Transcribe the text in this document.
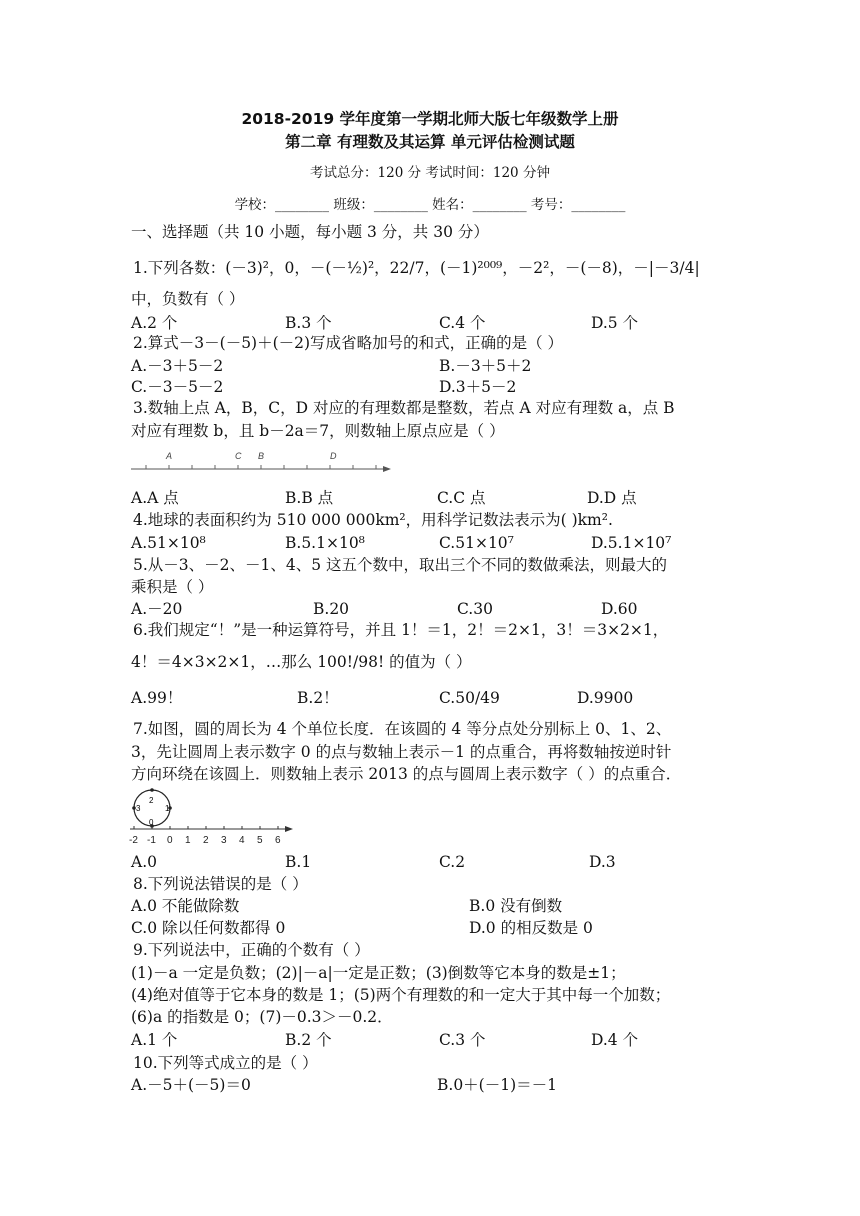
2018-2019 学年度第一学期北师大版七年级数学上册
第二章 有理数及其运算 单元评估检测试题
考试总分：120 分 考试时间：120 分钟
学校：________ 班级：________ 姓名：________ 考号：________
一、选择题（共 10 小题，每小题 3 分，共 30 分）
1.下列各数：(－3)²，0，－(－½)²，22/7，(－1)²⁰⁰⁹，－2²，－(－8)，－|－3/4|
中，负数有（ ）
A.2 个	B.3 个	C.4 个	D.5 个
2.算式－3－(－5)＋(－2)写成省略加号的和式，正确的是（ ）
A.－3＋5－2	B.－3＋5＋2
C.－3－5－2	D.3＋5－2
3.数轴上点 A，B，C，D 对应的有理数都是整数，若点 A 对应有理数 a，点 B
对应有理数 b，且 b－2a＝7，则数轴上原点应是（ ）
A	C B	D
A.A 点	B.B 点	C.C 点	D.D 点
4.地球的表面积约为 510 000 000km²，用科学记数法表示为( )km².
A.51×10⁸	B.5.1×10⁸	C.51×10⁷	D.5.1×10⁷
5.从－3、－2、－1、4、5 这五个数中，取出三个不同的数做乘法，则最大的
乘积是（ ）
A.－20	B.20	C.30	D.60
6.我们规定“！”是一种运算符号，并且 1！＝1，2！＝2×1，3！＝3×2×1，
4！＝4×3×2×1，…那么 100!/98! 的值为（ ）
A.99！	B.2！	C.50/49	D.9900
7.如图，圆的周长为 4 个单位长度．在该圆的 4 等分点处分别标上 0、1、2、
3，先让圆周上表示数字 0 的点与数轴上表示－1 的点重合，再将数轴按逆时针
方向环绕在该圆上．则数轴上表示 2013 的点与圆周上表示数字（ ）的点重合．
2
3	1
0
-2 -1 0 1 2 3 4 5 6
A.0	B.1	C.2	D.3
8.下列说法错误的是（ ）
A.0 不能做除数	B.0 没有倒数
C.0 除以任何数都得 0	D.0 的相反数是 0
9.下列说法中，正确的个数有（ ）
(1)－a 一定是负数；(2)|－a|一定是正数；(3)倒数等它本身的数是±1；
(4)绝对值等于它本身的数是 1；(5)两个有理数的和一定大于其中每一个加数；
(6)a 的指数是 0；(7)－0.3＞－0.2．
A.1 个	B.2 个	C.3 个	D.4 个
10.下列等式成立的是（ ）
A.－5＋(－5)＝0	B.0＋(－1)＝－1
